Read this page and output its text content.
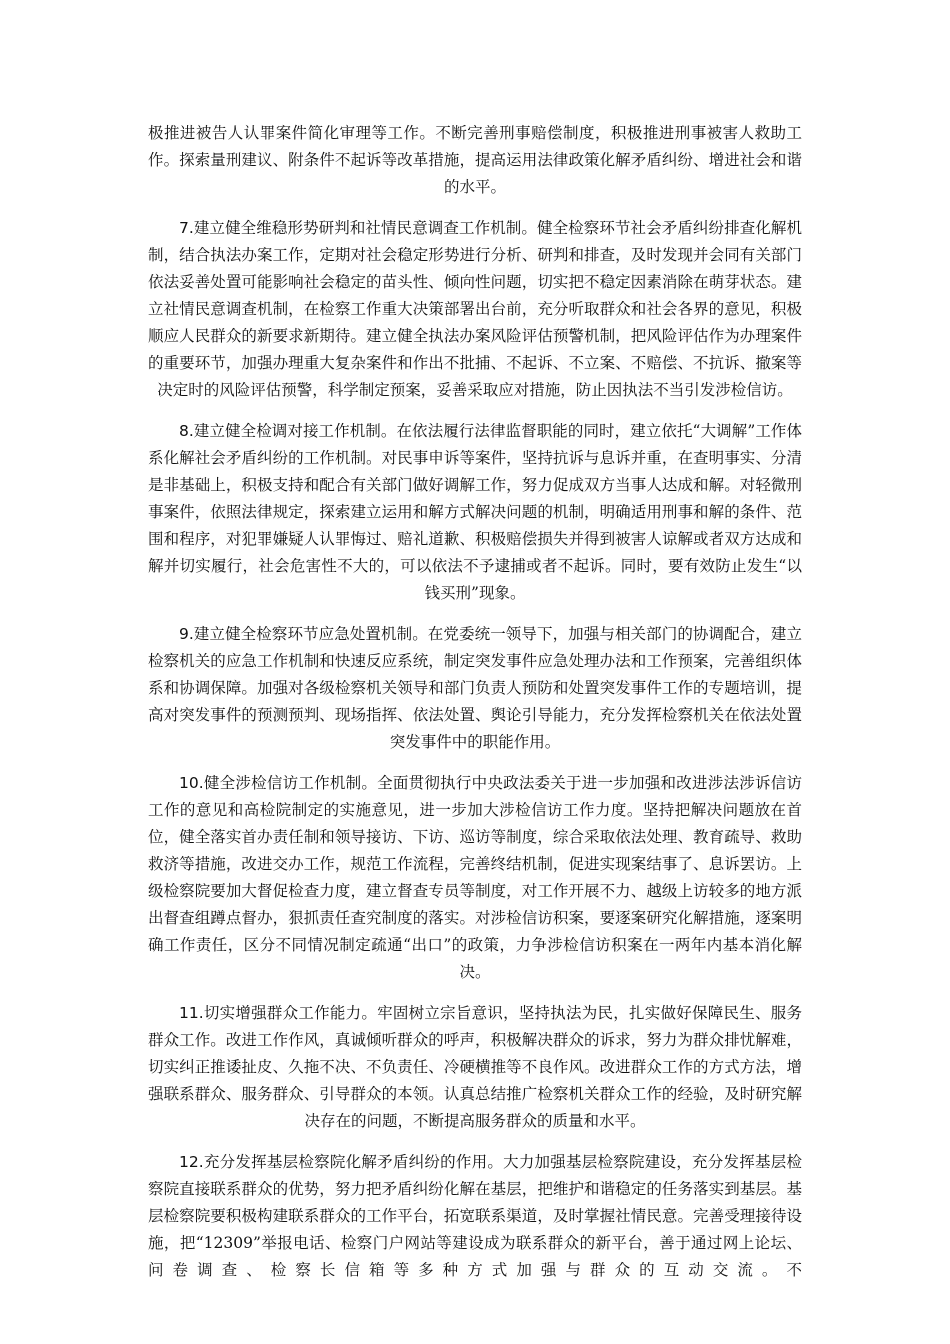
极推进被告人认罪案件简化审理等工作。不断完善刑事赔偿制度，积极推进刑事被害人救助工作。探索量刑建议、附条件不起诉等改革措施，提高运用法律政策化解矛盾纠纷、增进社会和谐的水平。

7.建立健全维稳形势研判和社情民意调查工作机制。健全检察环节社会矛盾纠纷排查化解机制，结合执法办案工作，定期对社会稳定形势进行分析、研判和排查，及时发现并会同有关部门依法妥善处置可能影响社会稳定的苗头性、倾向性问题，切实把不稳定因素消除在萌芽状态。建立社情民意调查机制，在检察工作重大决策部署出台前，充分听取群众和社会各界的意见，积极顺应人民群众的新要求新期待。建立健全执法办案风险评估预警机制，把风险评估作为办理案件的重要环节，加强办理重大复杂案件和作出不批捕、不起诉、不立案、不赔偿、不抗诉、撤案等决定时的风险评估预警，科学制定预案，妥善采取应对措施，防止因执法不当引发涉检信访。

8.建立健全检调对接工作机制。在依法履行法律监督职能的同时，建立依托“大调解”工作体系化解社会矛盾纠纷的工作机制。对民事申诉等案件，坚持抗诉与息诉并重，在查明事实、分清是非基础上，积极支持和配合有关部门做好调解工作，努力促成双方当事人达成和解。对轻微刑事案件，依照法律规定，探索建立运用和解方式解决问题的机制，明确适用刑事和解的条件、范围和程序，对犯罪嫌疑人认罪悔过、赔礼道歉、积极赔偿损失并得到被害人谅解或者双方达成和解并切实履行，社会危害性不大的，可以依法不予逮捕或者不起诉。同时，要有效防止发生“以钱买刑”现象。

9.建立健全检察环节应急处置机制。在党委统一领导下，加强与相关部门的协调配合，建立检察机关的应急工作机制和快速反应系统，制定突发事件应急处理办法和工作预案，完善组织体系和协调保障。加强对各级检察机关领导和部门负责人预防和处置突发事件工作的专题培训，提高对突发事件的预测预判、现场指挥、依法处置、舆论引导能力，充分发挥检察机关在依法处置突发事件中的职能作用。

10.健全涉检信访工作机制。全面贯彻执行中央政法委关于进一步加强和改进涉法涉诉信访工作的意见和高检院制定的实施意见，进一步加大涉检信访工作力度。坚持把解决问题放在首位，健全落实首办责任制和领导接访、下访、巡访等制度，综合采取依法处理、教育疏导、救助救济等措施，改进交办工作，规范工作流程，完善终结机制，促进实现案结事了、息诉罢访。上级检察院要加大督促检查力度，建立督查专员等制度，对工作开展不力、越级上访较多的地方派出督查组蹲点督办，狠抓责任查究制度的落实。对涉检信访积案，要逐案研究化解措施，逐案明确工作责任，区分不同情况制定疏通“出口”的政策，力争涉检信访积案在一两年内基本消化解决。

11.切实增强群众工作能力。牢固树立宗旨意识，坚持执法为民，扎实做好保障民生、服务群众工作。改进工作作风，真诚倾听群众的呼声，积极解决群众的诉求，努力为群众排忧解难，切实纠正推诿扯皮、久拖不决、不负责任、冷硬横推等不良作风。改进群众工作的方式方法，增强联系群众、服务群众、引导群众的本领。认真总结推广检察机关群众工作的经验，及时研究解决存在的问题，不断提高服务群众的质量和水平。

12.充分发挥基层检察院化解矛盾纠纷的作用。大力加强基层检察院建设，充分发挥基层检察院直接联系群众的优势，努力把矛盾纠纷化解在基层，把维护和谐稳定的任务落实到基层。基层检察院要积极构建联系群众的工作平台，拓宽联系渠道，及时掌握社情民意。完善受理接待设施，把“12309”举报电话、检察门户网站等建设成为联系群众的新平台，善于通过网上论坛、问卷调查、检察长信箱等多种方式加强与群众的互动交流。不
